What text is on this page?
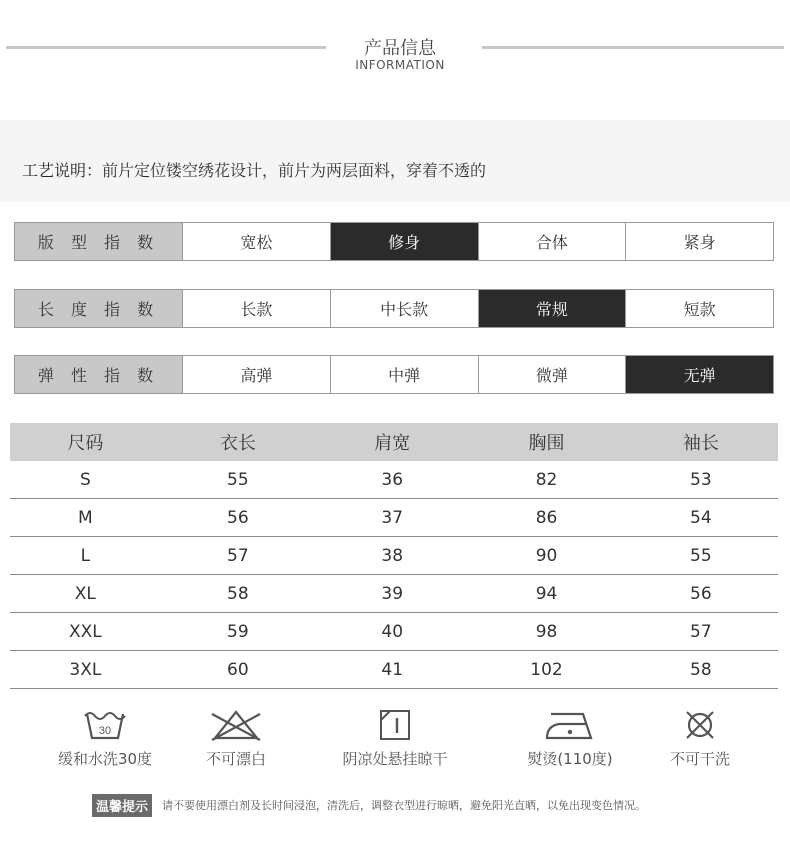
产品信息
INFORMATION
工艺说明：前片定位镂空绣花设计，前片为两层面料，穿着不透的
版 型 指 数	宽松	修身	合体	紧身
长 度 指 数	长款	中长款	常规	短款
弹 性 指 数	高弹	中弹	微弹	无弹
尺码	衣长	肩宽	胸围	袖长
S	55	36	82	53
M	56	37	86	54
L	57	38	90	55
XL	58	39	94	56
XXL	59	40	98	57
3XL	60	41	102	58
30
缓和水洗30度	不可漂白	阴凉处悬挂晾干	熨烫(110度)	不可干洗
温馨提示	请不要使用漂白剂及长时间浸泡，清洗后，调整衣型进行晾晒，避免阳光直晒，以免出现变色情况。
